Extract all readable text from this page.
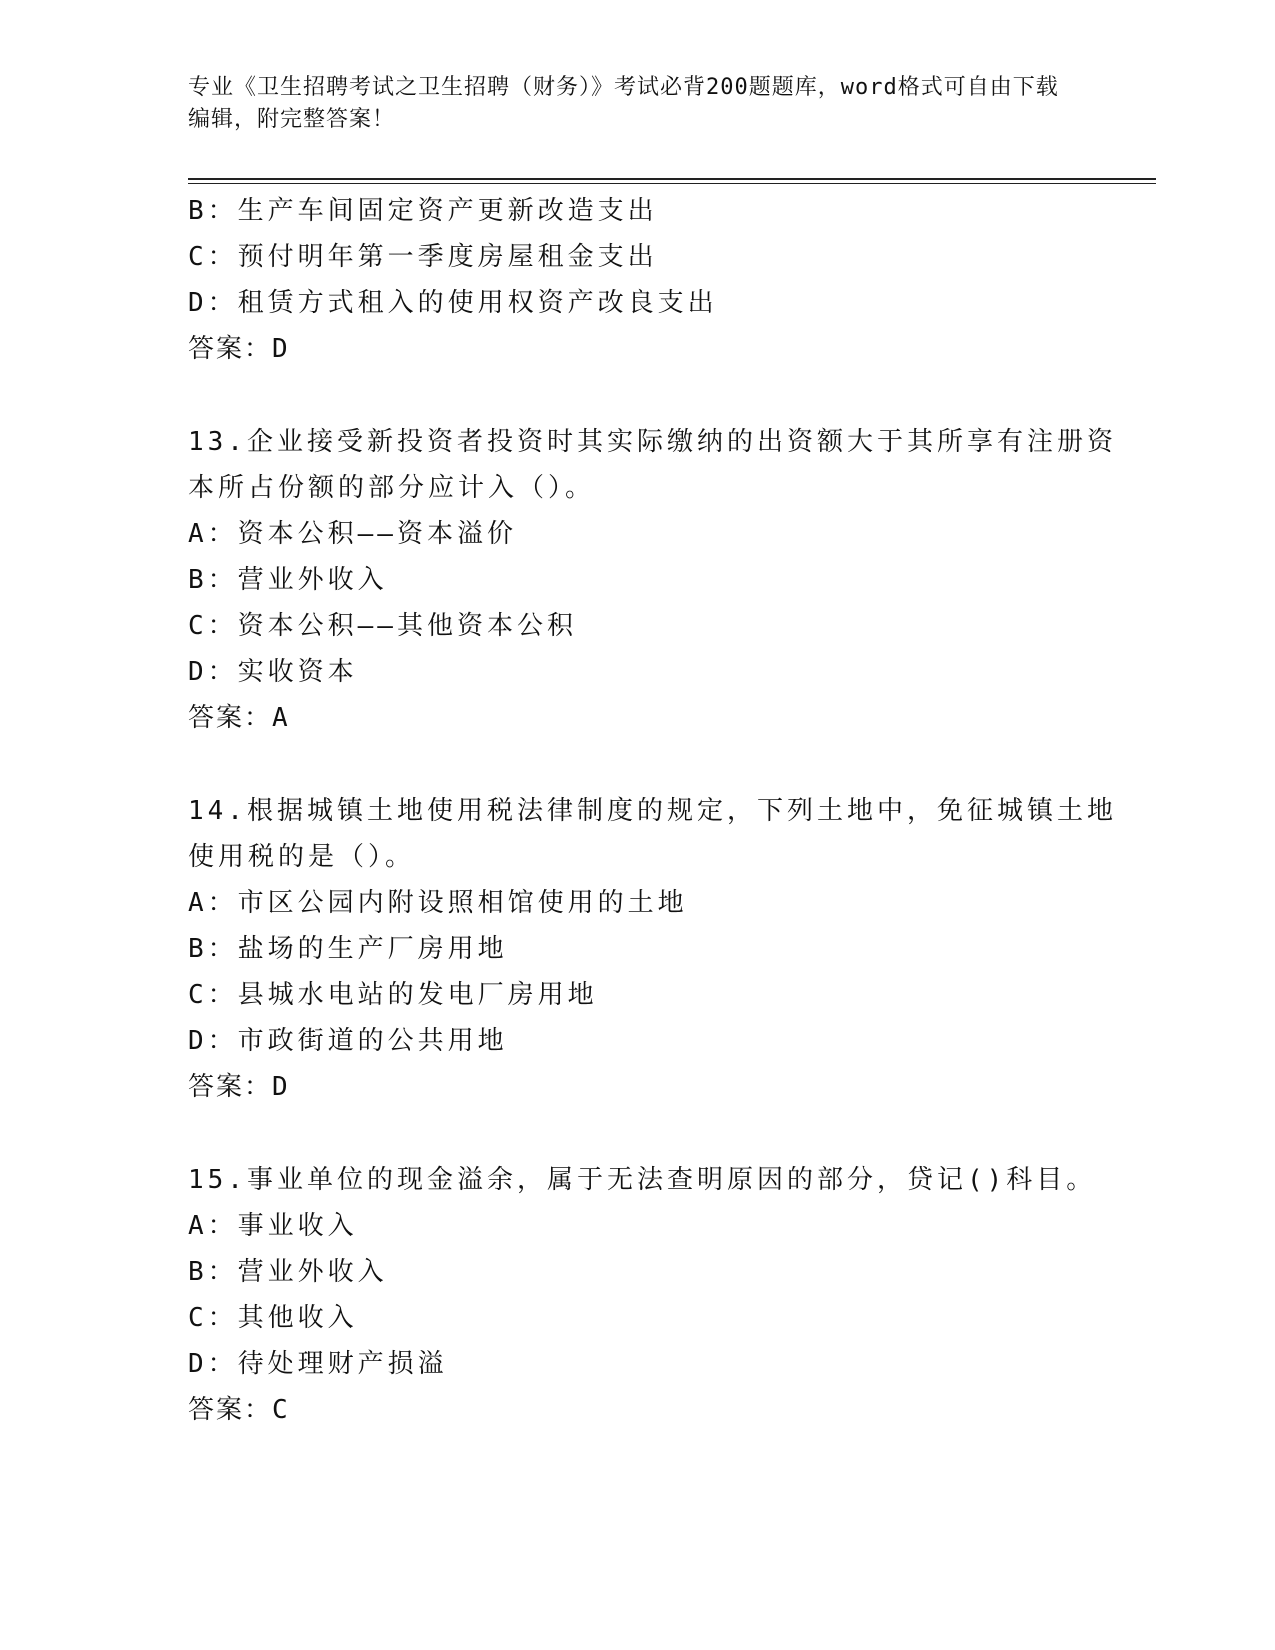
专业《卫生招聘考试之卫生招聘（财务）》考试必背200题题库，word格式可自由下载编辑，附完整答案！
B：生产车间固定资产更新改造支出
C：预付明年第一季度房屋租金支出
D：租赁方式租入的使用权资产改良支出
答案：D
13.企业接受新投资者投资时其实际缴纳的出资额大于其所享有注册资
本所占份额的部分应计入（）。
A：资本公积——资本溢价
B：营业外收入
C：资本公积——其他资本公积
D：实收资本
答案：A
14.根据城镇土地使用税法律制度的规定，下列土地中，免征城镇土地
使用税的是（）。
A：市区公园内附设照相馆使用的土地
B：盐场的生产厂房用地
C：县城水电站的发电厂房用地
D：市政街道的公共用地
答案：D
15.事业单位的现金溢余，属于无法查明原因的部分，贷记()科目。
A：事业收入
B：营业外收入
C：其他收入
D：待处理财产损溢
答案：C
